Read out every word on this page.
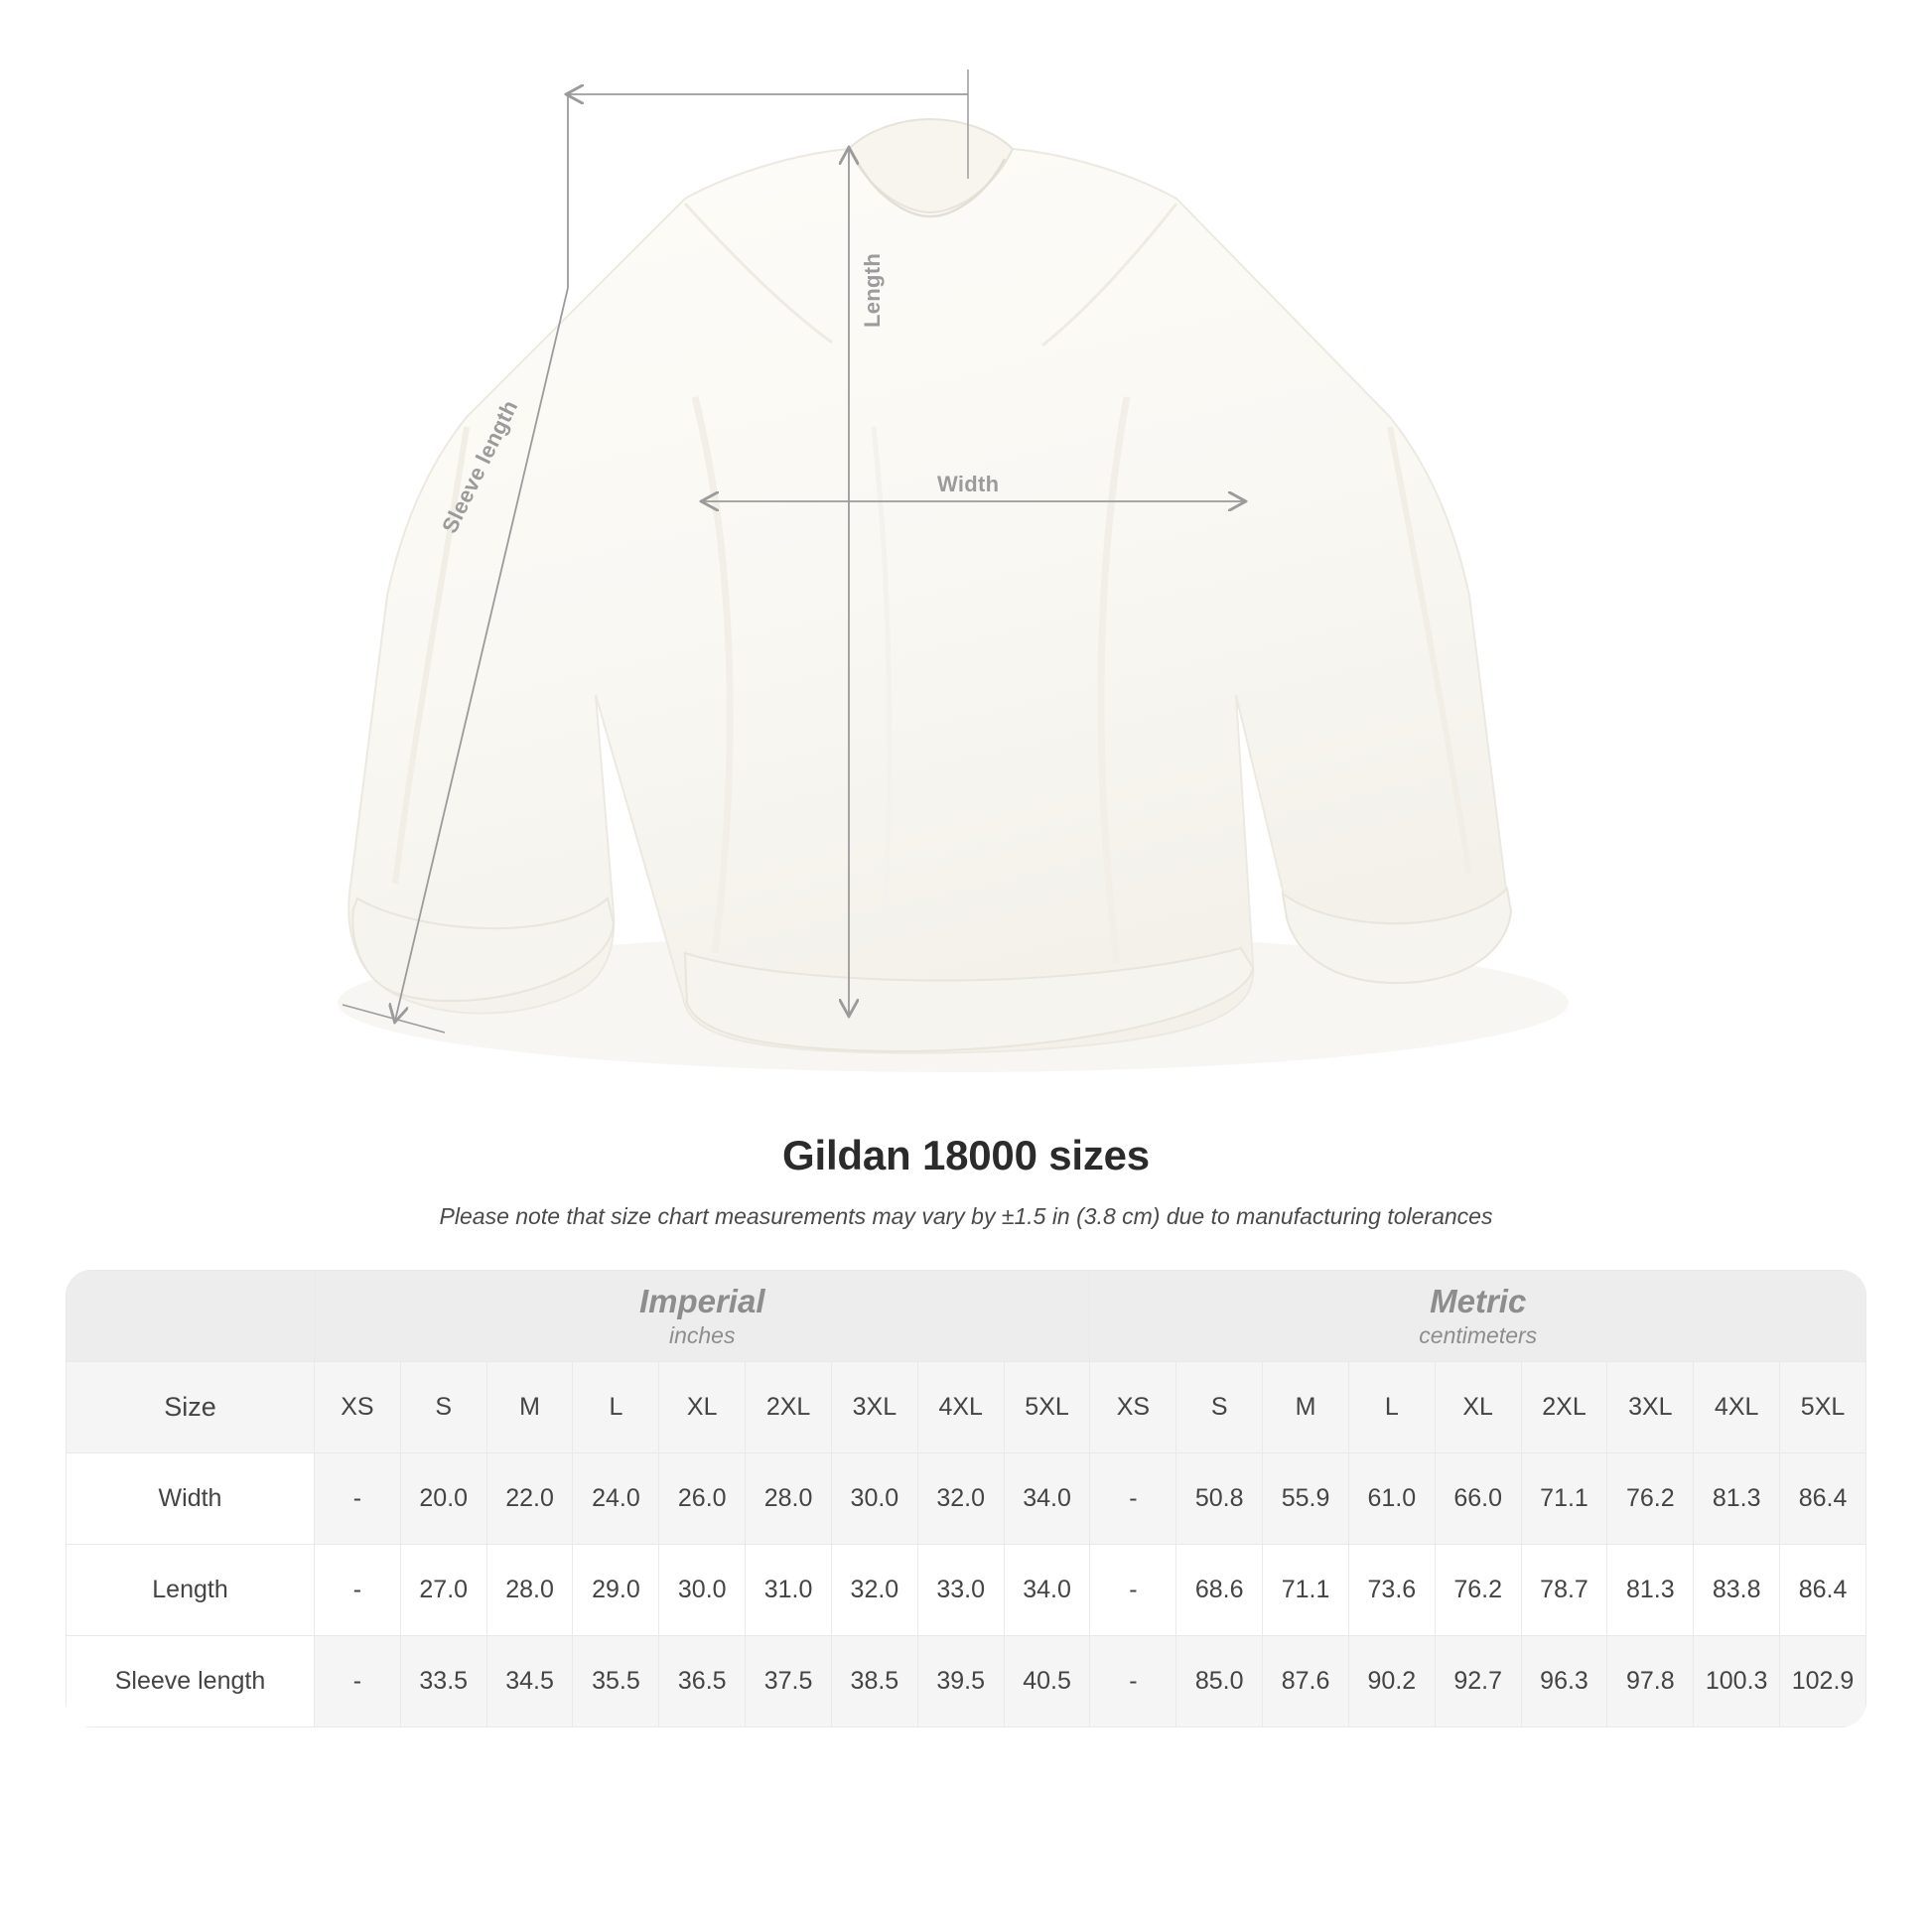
Width
Length
Sleeve length
Gildan 18000 sizes

Please note that size chart measurements may vary by ±1.5 in (3.8 cm) due to manufacturing tolerances

Imperial
inches

Metric
centimeters

Size	XS	S	M	L	XL	2XL	3XL	4XL	5XL	XS	S	M	L	XL	2XL	3XL	4XL	5XL
Width	-	20.0	22.0	24.0	26.0	28.0	30.0	32.0	34.0	-	50.8	55.9	61.0	66.0	71.1	76.2	81.3	86.4
Length	-	27.0	28.0	29.0	30.0	31.0	32.0	33.0	34.0	-	68.6	71.1	73.6	76.2	78.7	81.3	83.8	86.4
Sleeve length	-	33.5	34.5	35.5	36.5	37.5	38.5	39.5	40.5	-	85.0	87.6	90.2	92.7	96.3	97.8	100.3	102.9
